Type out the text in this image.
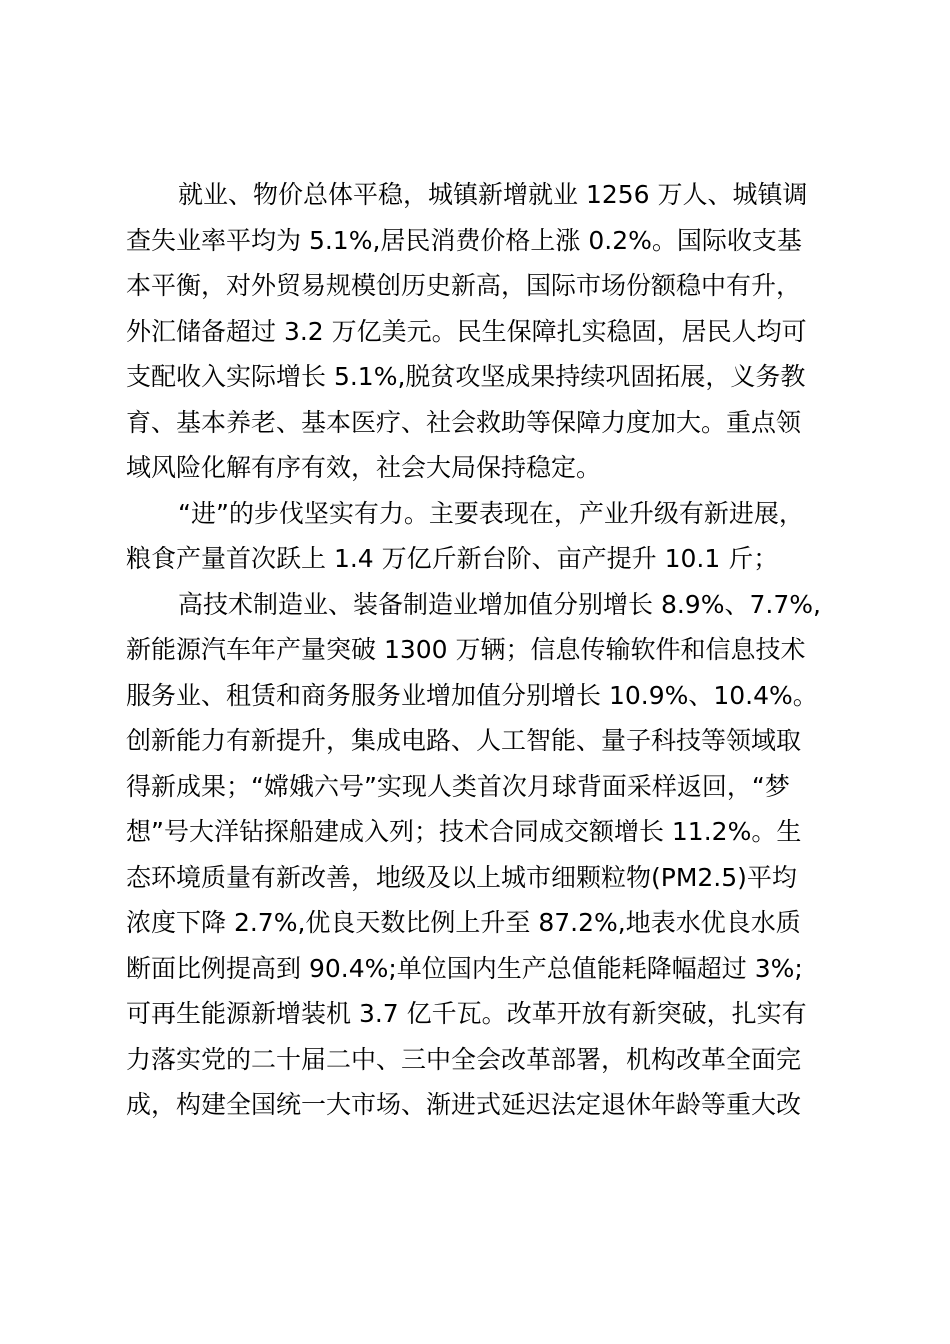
就业、物价总体平稳，城镇新增就业 1256 万人、城镇调
查失业率平均为 5.1%,居民消费价格上涨 0.2%。国际收支基
本平衡，对外贸易规模创历史新高，国际市场份额稳中有升，
外汇储备超过 3.2 万亿美元。民生保障扎实稳固，居民人均可
支配收入实际增长 5.1%,脱贫攻坚成果持续巩固拓展，义务教
育、基本养老、基本医疗、社会救助等保障力度加大。重点领
域风险化解有序有效，社会大局保持稳定。
“进”的步伐坚实有力。主要表现在，产业升级有新进展，
粮食产量首次跃上 1.4 万亿斤新台阶、亩产提升 10.1 斤；
高技术制造业、装备制造业增加值分别增长 8.9%、7.7%,
新能源汽车年产量突破 1300 万辆；信息传输软件和信息技术
服务业、租赁和商务服务业增加值分别增长 10.9%、10.4%。
创新能力有新提升，集成电路、人工智能、量子科技等领域取
得新成果；“嫦娥六号”实现人类首次月球背面采样返回，“梦
想”号大洋钻探船建成入列；技术合同成交额增长 11.2%。生
态环境质量有新改善，地级及以上城市细颗粒物(PM2.5)平均
浓度下降 2.7%,优良天数比例上升至 87.2%,地表水优良水质
断面比例提高到 90.4%;单位国内生产总值能耗降幅超过 3%;
可再生能源新增装机 3.7 亿千瓦。改革开放有新突破，扎实有
力落实党的二十届二中、三中全会改革部署，机构改革全面完
成，构建全国统一大市场、渐进式延迟法定退休年龄等重大改
